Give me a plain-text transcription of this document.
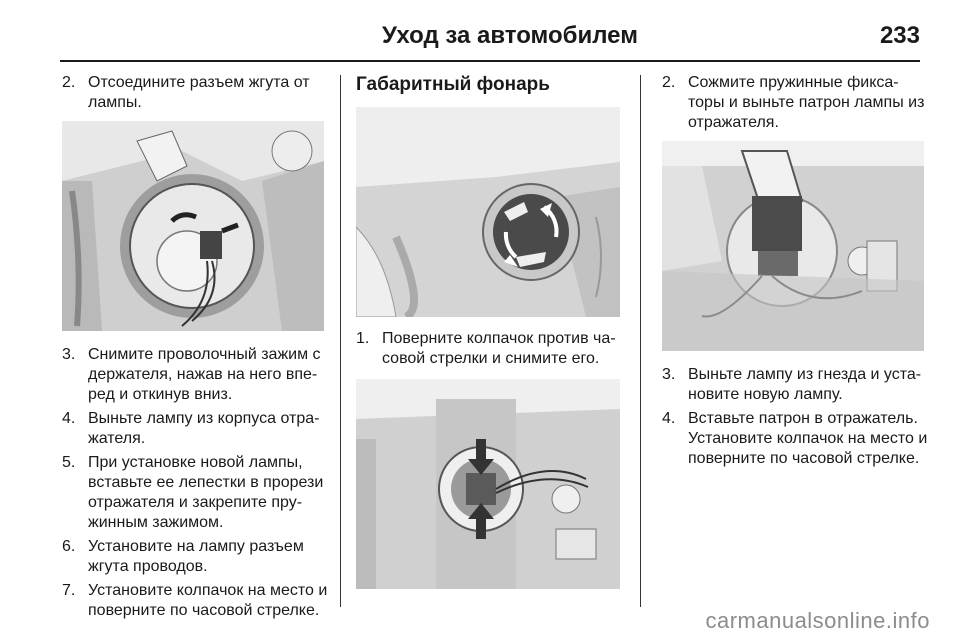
Уход за автомобилем	233
2. Отсоедините разъем жгута от
лампы.
3. Снимите проволочный зажим с
держателя, нажав на него впе-
ред и откинув вниз.
4. Выньте лампу из корпуса отра-
жателя.
5. При установке новой лампы,
вставьте ее лепестки в прорези
отражателя и закрепите пру-
жинным зажимом.
6. Установите на лампу разъем
жгута проводов.
7. Установите колпачок на место и
поверните по часовой стрелке.
Габаритный фонарь
1. Поверните колпачок против ча-
совой стрелки и снимите его.
2. Сожмите пружинные фикса-
торы и выньте патрон лампы из
отражателя.
3. Выньте лампу из гнезда и уста-
новите новую лампу.
4. Вставьте патрон в отражатель.
Установите колпачок на место и
поверните по часовой стрелке.
carmanualsonline.info
